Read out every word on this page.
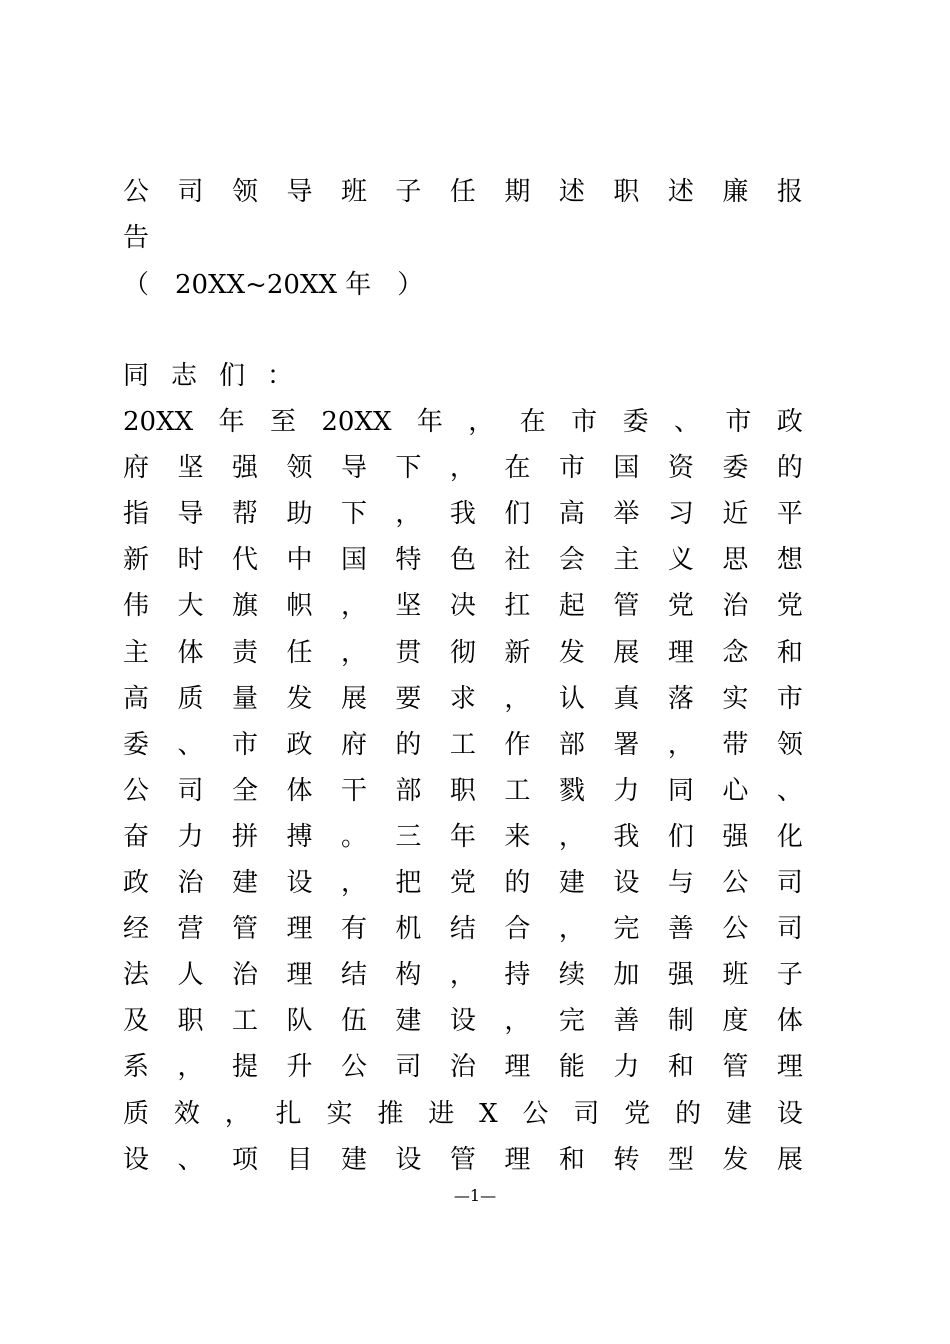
公 司 领 导 班 子 任 期 述 职 述 廉 报
告
（　20XX~20XX 年　）
同 志 们 ：
20XX 年 至 20XX 年 ， 在 市 委 、 市 政
府 坚 强 领 导 下 ， 在 市 国 资 委 的
指 导 帮 助 下 ， 我 们 高 举 习 近 平
新 时 代 中 国 特 色 社 会 主 义 思 想
伟 大 旗 帜 ， 坚 决 扛 起 管 党 治 党
主 体 责 任 ， 贯 彻 新 发 展 理 念 和
高 质 量 发 展 要 求 ， 认 真 落 实 市
委 、 市 政 府 的 工 作 部 署 ， 带 领
公 司 全 体 干 部 职 工 戮 力 同 心 、
奋 力 拼 搏 。 三 年 来 ， 我 们 强 化
政 治 建 设 ， 把 党 的 建 设 与 公 司
经 营 管 理 有 机 结 合 ， 完 善 公 司
法 人 治 理 结 构 ， 持 续 加 强 班 子
及 职 工 队 伍 建 设 ， 完 善 制 度 体
系 ， 提 升 公 司 治 理 能 力 和 管 理
质 效 ， 扎 实 推 进 X 公 司 党 的 建 设
设 、 项 目 建 设 管 理 和 转 型 发 展
—1—
